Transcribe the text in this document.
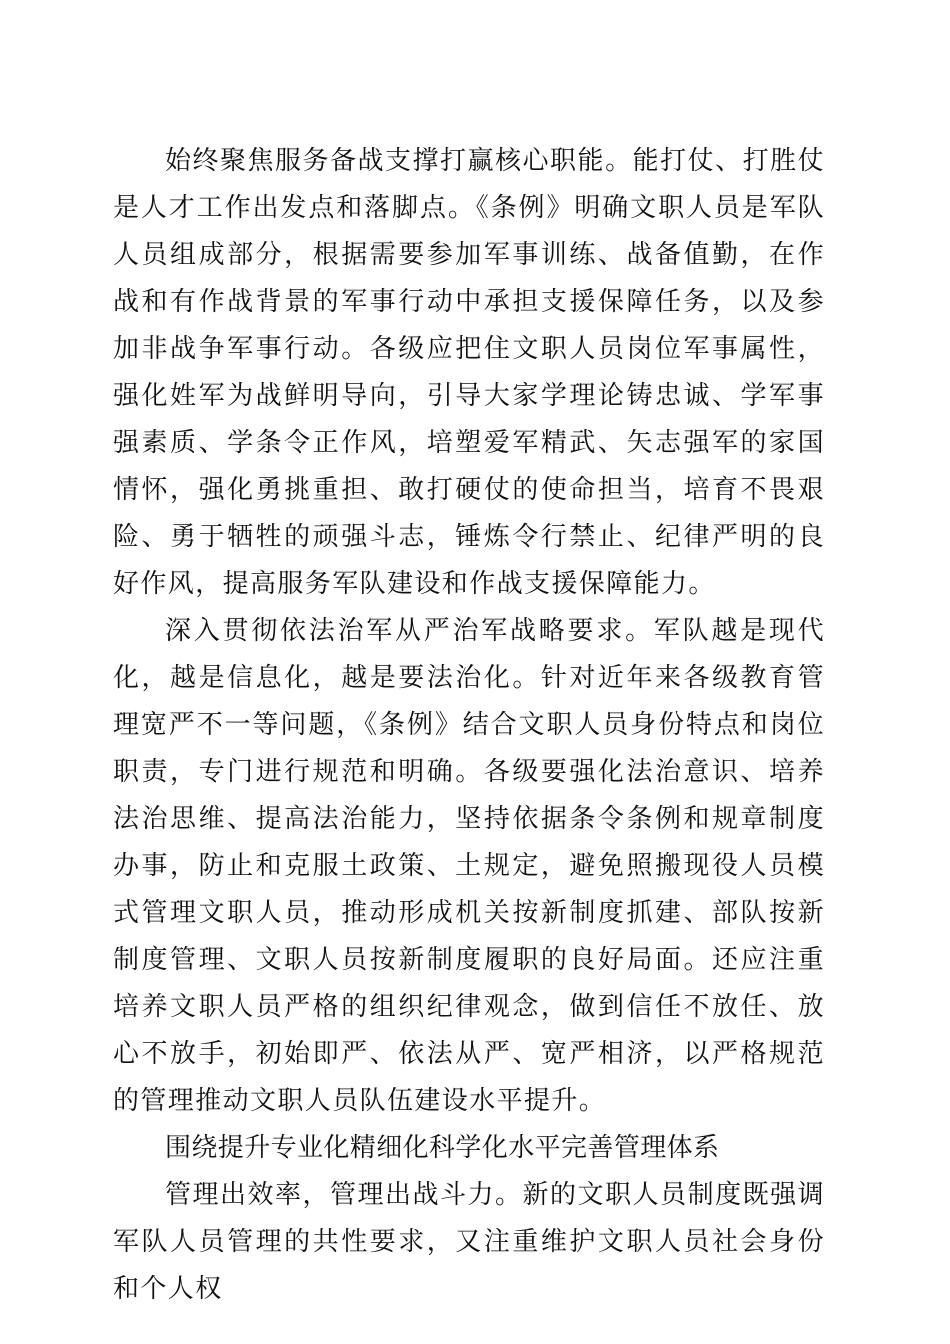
始终聚焦服务备战支撑打赢核心职能。能打仗、打胜仗是人才工作出发点和落脚点。《条例》明确文职人员是军队人员组成部分，根据需要参加军事训练、战备值勤，在作战和有作战背景的军事行动中承担支援保障任务，以及参加非战争军事行动。各级应把住文职人员岗位军事属性，强化姓军为战鲜明导向，引导大家学理论铸忠诚、学军事强素质、学条令正作风，培塑爱军精武、矢志强军的家国情怀，强化勇挑重担、敢打硬仗的使命担当，培育不畏艰险、勇于牺牲的顽强斗志，锤炼令行禁止、纪律严明的良好作风，提高服务军队建设和作战支援保障能力。

深入贯彻依法治军从严治军战略要求。军队越是现代化，越是信息化，越是要法治化。针对近年来各级教育管理宽严不一等问题，《条例》结合文职人员身份特点和岗位职责，专门进行规范和明确。各级要强化法治意识、培养法治思维、提高法治能力，坚持依据条令条例和规章制度办事，防止和克服土政策、土规定，避免照搬现役人员模式管理文职人员，推动形成机关按新制度抓建、部队按新制度管理、文职人员按新制度履职的良好局面。还应注重培养文职人员严格的组织纪律观念，做到信任不放任、放心不放手，初始即严、依法从严、宽严相济，以严格规范的管理推动文职人员队伍建设水平提升。

围绕提升专业化精细化科学化水平完善管理体系

管理出效率，管理出战斗力。新的文职人员制度既强调军队人员管理的共性要求，又注重维护文职人员社会身份和个人权
